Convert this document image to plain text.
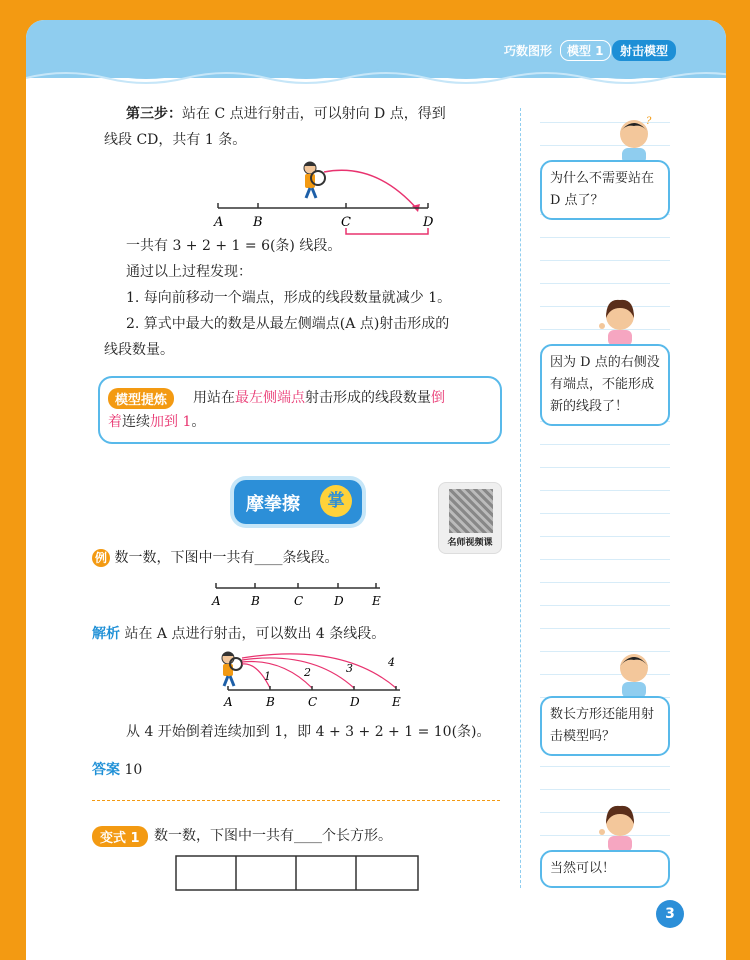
巧数图形	模型 1	射击模型
第三步：站在 C 点进行射击，可以射向 D 点，得到
线段 CD，共有 1 条。
A B	C	D
一共有 3 + 2 + 1 = 6(条) 线段。
通过以上过程发现：
1. 每向前移动一个端点，形成的线段数量就减少 1。
2. 算式中最大的数是从最左侧端点(A 点)射击形成的
线段数量。
模型提炼	用站在最左侧端点射击形成的线段数量倒
着连续加到 1。
摩拳擦	掌
名师视频课
例 数一数，下图中一共有____条线段。
A	B	C	D E
解析 站在 A 点进行射击，可以数出 4 条线段。
1	2	3	4
A	B	C	D	E
从 4 开始倒着连续加到 1，即 4 + 3 + 2 + 1 = 10(条)。
答案 10
变式 1	数一数，下图中一共有____个长方形。
?
为什么不需要站在 D 点了？
因为 D 点的右侧没有端点，不能形成新的线段了！
数长方形还能用射击模型吗？
当然可以！
3
